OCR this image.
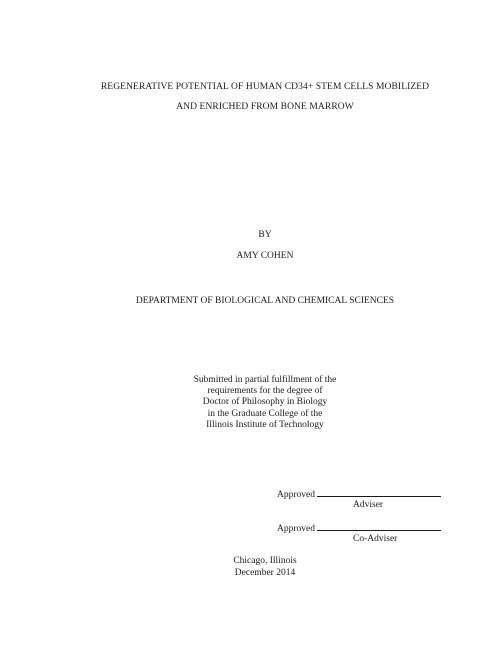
REGENERATIVE POTENTIAL OF HUMAN CD34+ STEM CELLS MOBILIZED
AND ENRICHED FROM BONE MARROW
BY
AMY COHEN
DEPARTMENT OF BIOLOGICAL AND CHEMICAL SCIENCES
Submitted in partial fulfillment of the
requirements for the degree of
Doctor of Philosophy in Biology
in the Graduate College of the
Illinois Institute of Technology
Approved
Adviser
Approved
Co-Adviser
Chicago, Illinois
December 2014
